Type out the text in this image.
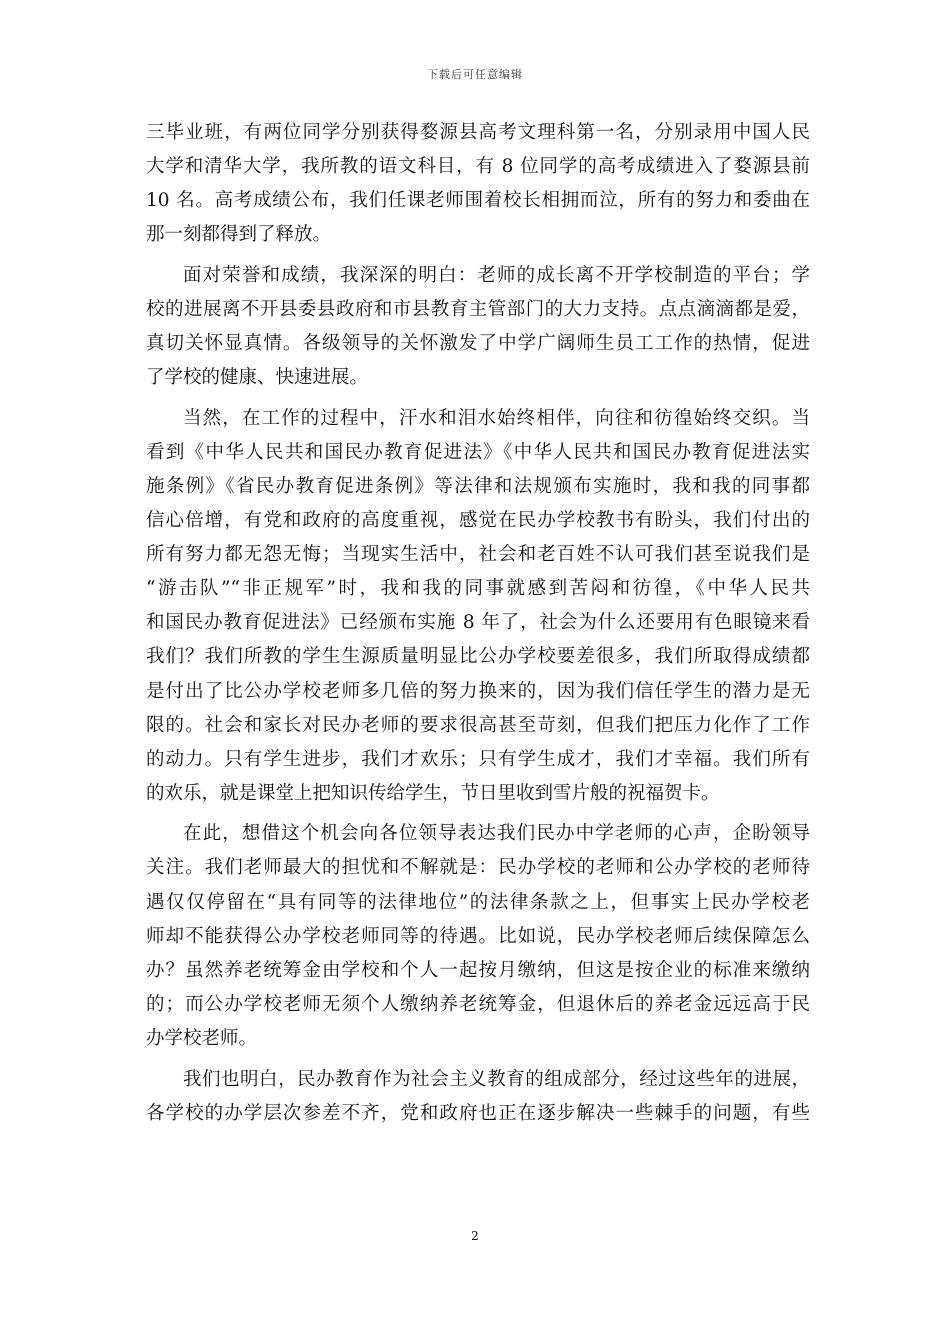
下载后可任意编辑
三毕业班，有两位同学分别获得婺源县高考文理科第一名，分别录用中国人民
大学和清华大学，我所教的语文科目，有 8 位同学的高考成绩进入了婺源县前
10 名。高考成绩公布，我们任课老师围着校长相拥而泣，所有的努力和委曲在
那一刻都得到了释放。
面对荣誉和成绩，我深深的明白：老师的成长离不开学校制造的平台；学
校的进展离不开县委县政府和市县教育主管部门的大力支持。点点滴滴都是爱，
真切关怀显真情。各级领导的关怀激发了中学广阔师生员工工作的热情，促进
了学校的健康、快速进展。
当然，在工作的过程中，汗水和泪水始终相伴，向往和彷徨始终交织。当
看到《中华人民共和国民办教育促进法》《中华人民共和国民办教育促进法实
施条例》《省民办教育促进条例》等法律和法规颁布实施时，我和我的同事都
信心倍增，有党和政府的高度重视，感觉在民办学校教书有盼头，我们付出的
所有努力都无怨无悔；当现实生活中，社会和老百姓不认可我们甚至说我们是
“游击队”“非正规军”时，我和我的同事就感到苦闷和彷徨，《中华人民共
和国民办教育促进法》已经颁布实施 8 年了，社会为什么还要用有色眼镜来看
我们？我们所教的学生生源质量明显比公办学校要差很多，我们所取得成绩都
是付出了比公办学校老师多几倍的努力换来的，因为我们信任学生的潜力是无
限的。社会和家长对民办老师的要求很高甚至苛刻，但我们把压力化作了工作
的动力。只有学生进步，我们才欢乐；只有学生成才，我们才幸福。我们所有
的欢乐，就是课堂上把知识传给学生，节日里收到雪片般的祝福贺卡。
在此，想借这个机会向各位领导表达我们民办中学老师的心声，企盼领导
关注。我们老师最大的担忧和不解就是：民办学校的老师和公办学校的老师待
遇仅仅停留在“具有同等的法律地位”的法律条款之上，但事实上民办学校老
师却不能获得公办学校老师同等的待遇。比如说，民办学校老师后续保障怎么
办？虽然养老统筹金由学校和个人一起按月缴纳，但这是按企业的标准来缴纳
的；而公办学校老师无须个人缴纳养老统筹金，但退休后的养老金远远高于民
办学校老师。
我们也明白，民办教育作为社会主义教育的组成部分，经过这些年的进展，
各学校的办学层次参差不齐，党和政府也正在逐步解决一些棘手的问题，有些
2
